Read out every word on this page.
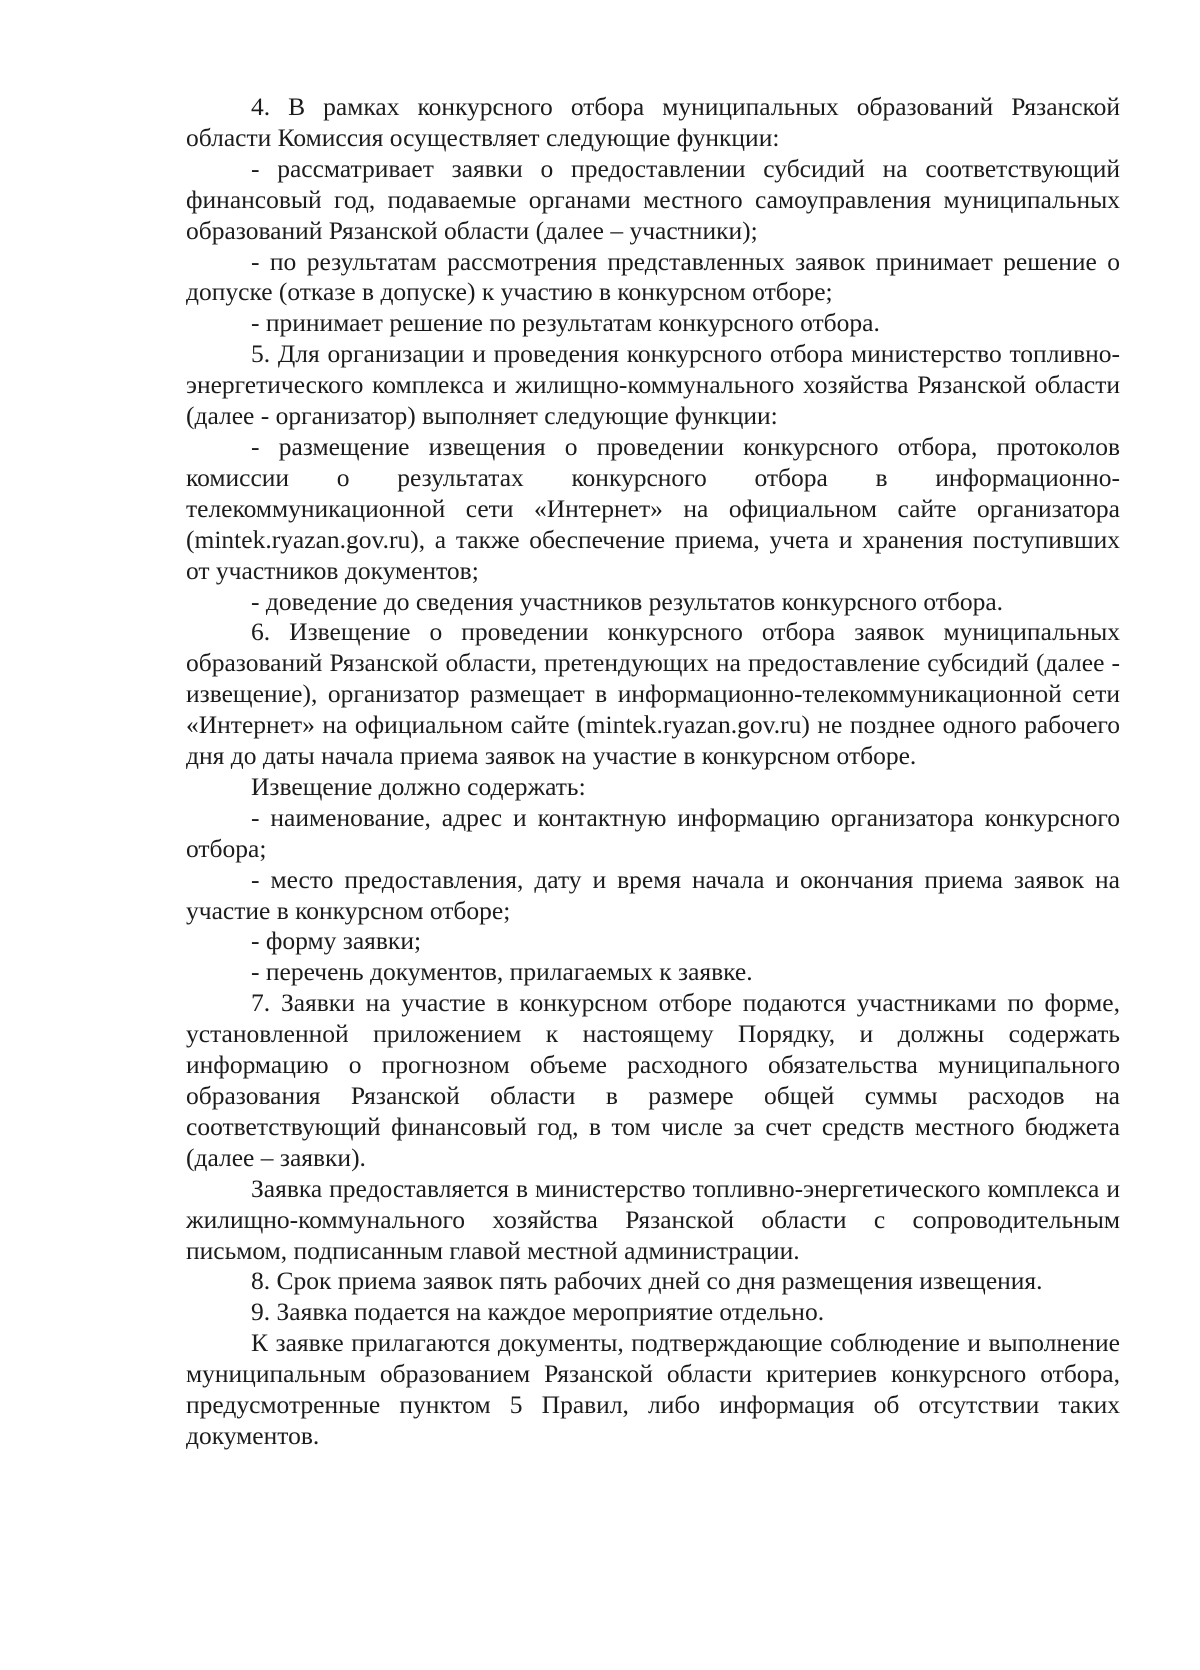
4. В рамках конкурсного отбора муниципальных образований Рязанской области Комиссия осуществляет следующие функции:

- рассматривает заявки о предоставлении субсидий на соответствующий финансовый год, подаваемые органами местного самоуправления муниципальных образований Рязанской области (далее – участники);

- по результатам рассмотрения представленных заявок принимает решение о допуске (отказе в допуске) к участию в конкурсном отборе;

- принимает решение по результатам конкурсного отбора.

5. Для организации и проведения конкурсного отбора министерство топливно-энергетического комплекса и жилищно-коммунального хозяйства Рязанской области (далее - организатор) выполняет следующие функции:

- размещение извещения о проведении конкурсного отбора, протоколов комиссии о результатах конкурсного отбора в информационно-телекоммуникационной сети «Интернет» на официальном сайте организатора (mintek.ryazan.gov.ru), а также обеспечение приема, учета и хранения поступивших от участников документов;

- доведение до сведения участников результатов конкурсного отбора.

6. Извещение о проведении конкурсного отбора заявок муниципальных образований Рязанской области, претендующих на предоставление субсидий (далее - извещение), организатор размещает в информационно-телекоммуникационной сети «Интернет» на официальном сайте (mintek.ryazan.gov.ru) не позднее одного рабочего дня до даты начала приема заявок на участие в конкурсном отборе.

Извещение должно содержать:

- наименование, адрес и контактную информацию организатора конкурсного отбора;

- место предоставления, дату и время начала и окончания приема заявок на участие в конкурсном отборе;

- форму заявки;

- перечень документов, прилагаемых к заявке.

7. Заявки на участие в конкурсном отборе подаются участниками по форме, установленной приложением к настоящему Порядку, и должны содержать информацию о прогнозном объеме расходного обязательства муниципального образования Рязанской области в размере общей суммы расходов на соответствующий финансовый год, в том числе за счет средств местного бюджета (далее – заявки).

Заявка предоставляется в министерство топливно-энергетического комплекса и жилищно-коммунального хозяйства Рязанской области с сопроводительным письмом, подписанным главой местной администрации.

8. Срок приема заявок пять рабочих дней со дня размещения извещения.

9. Заявка подается на каждое мероприятие отдельно.

К заявке прилагаются документы, подтверждающие соблюдение и выполнение муниципальным образованием Рязанской области критериев конкурсного отбора, предусмотренные пунктом 5 Правил, либо информация об отсутствии таких документов.
